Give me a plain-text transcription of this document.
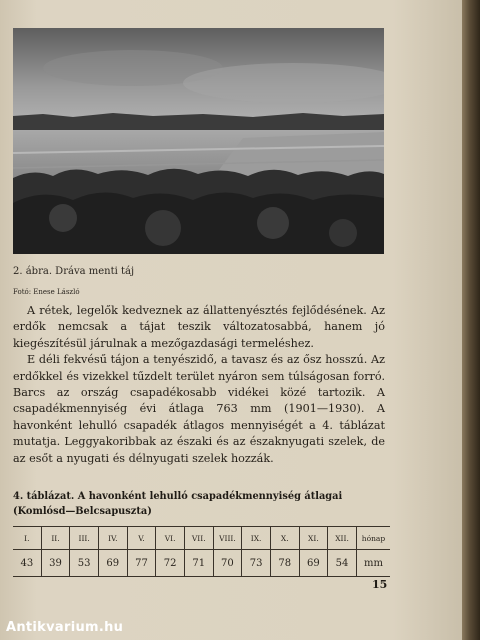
2. ábra. Dráva menti táj
Fotó: Enese László

A rétek, legelők kedveznek az állattenyésztés fejlődésének. Az erdők nemcsak a tájat teszik változatosabbá, hanem jó kiegészítésül járulnak a mezőgazdasági termeléshez.

E déli fekvésű tájon a tenyészidő, a tavasz és az ősz hosszú. Az erdőkkel és vizekkel tűzdelt terület nyáron sem túlságosan forró. Barcs az ország csapadékosabb vidékei közé tartozik. A csapadékmennyiség évi átlaga 763 mm (1901—1930). A havonként lehulló csapadék átlagos mennyiségét a 4. táblázat mutatja. Leggyakoribbak az északi és az északnyugati szelek, de az esőt a nyugati és délnyugati szelek hozzák.

4. táblázat. A havonként lehulló csapadékmennyiség átlagai
(Komlósd—Belcsapuszta)
I.	II.	III.	IV.	V.	VI.	VII.	VIII.	IX.	X.	XI.	XII.	hónap
43	39	53	69	77	72	71	70	73	78	69	54	mm
15
Antikvarium.hu
